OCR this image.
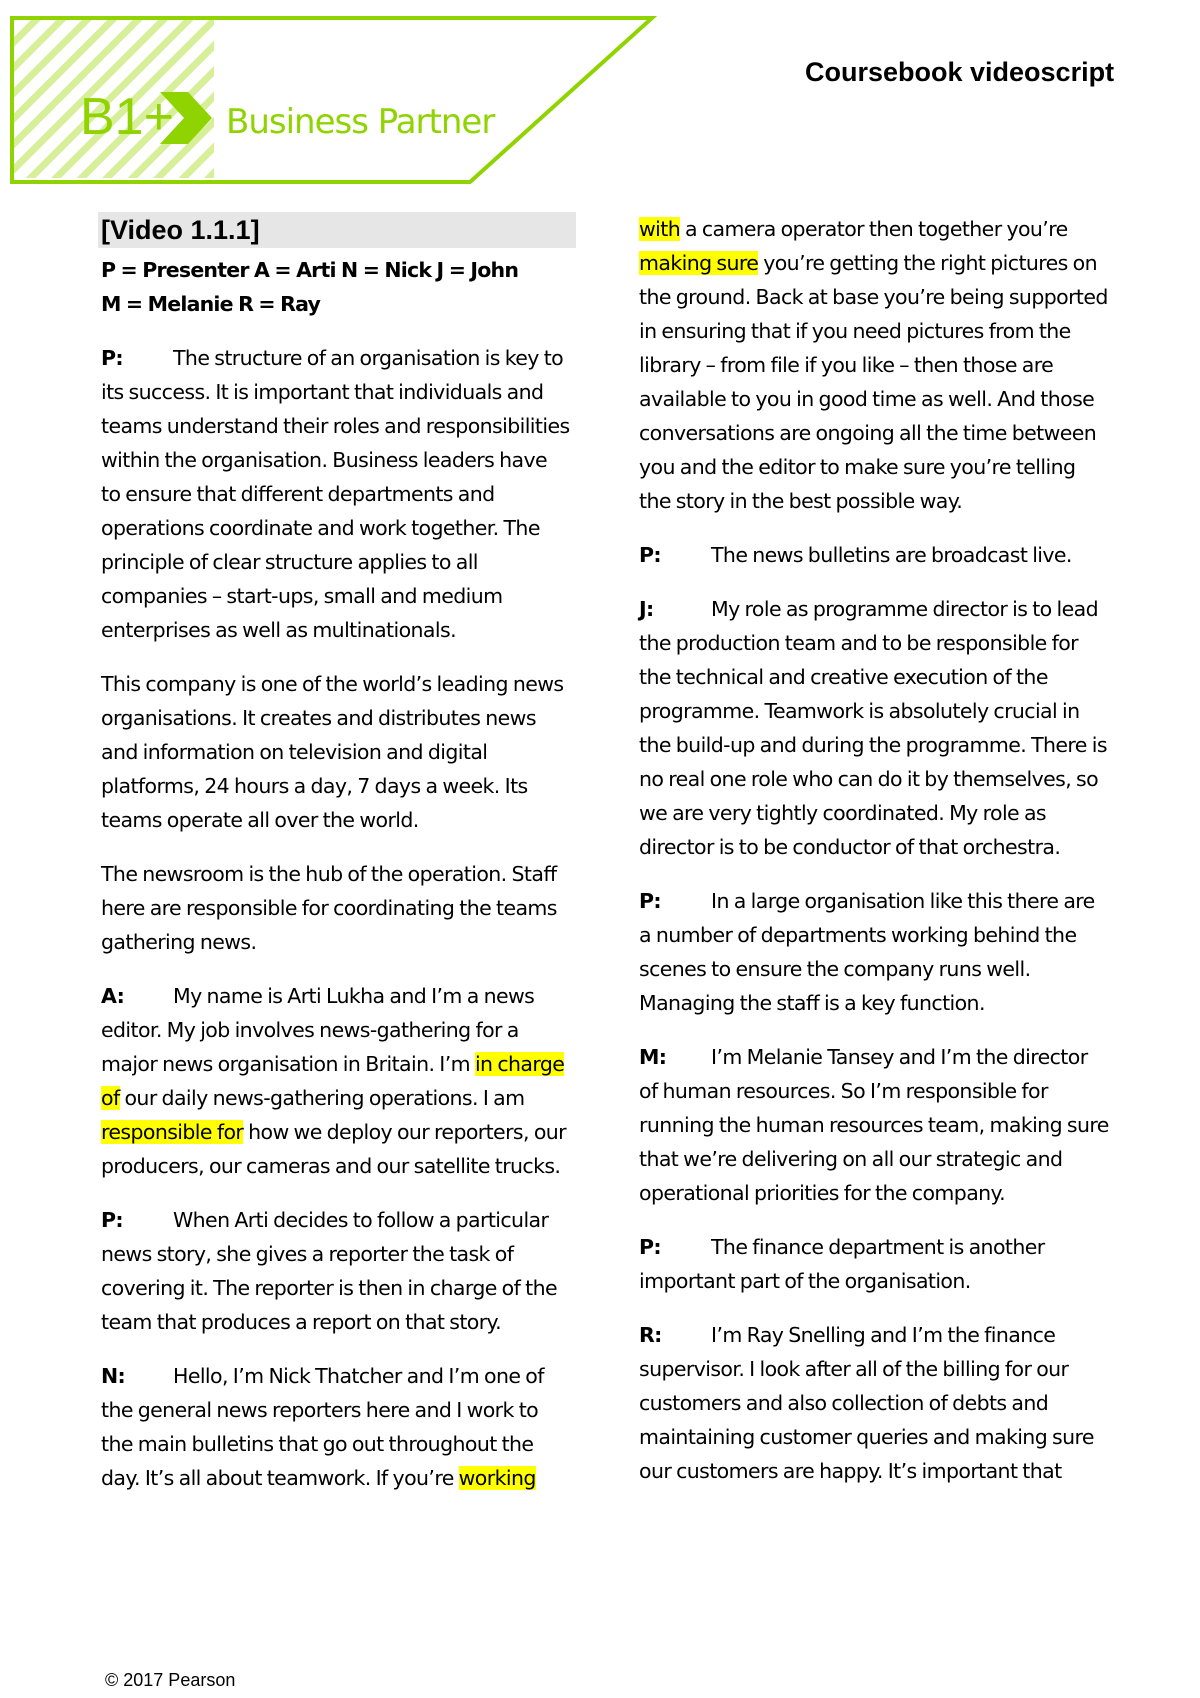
B1+ Business Partner
Coursebook videoscript
[Video 1.1.1]

P = Presenter A = Arti N = Nick J = John

M = Melanie R = Ray

P: The structure of an organisation is key to its success. It is important that individuals and teams understand their roles and responsibilities within the organisation. Business leaders have to ensure that different departments and operations coordinate and work together. The principle of clear structure applies to all companies – start-ups, small and medium enterprises as well as multinationals.

This company is one of the world’s leading news organisations. It creates and distributes news and information on television and digital platforms, 24 hours a day, 7 days a week. Its teams operate all over the world.

The newsroom is the hub of the operation. Staff here are responsible for coordinating the teams gathering news.

A: My name is Arti Lukha and I’m a news editor. My job involves news-gathering for a major news organisation in Britain. I’m in charge of our daily news-gathering operations. I am responsible for how we deploy our reporters, our producers, our cameras and our satellite trucks.

P: When Arti decides to follow a particular news story, she gives a reporter the task of covering it. The reporter is then in charge of the team that produces a report on that story.

N: Hello, I’m Nick Thatcher and I’m one of the general news reporters here and I work to the main bulletins that go out throughout the day. It’s all about teamwork. If you’re working

with a camera operator then together you’re making sure you’re getting the right pictures on the ground. Back at base you’re being supported in ensuring that if you need pictures from the library – from file if you like – then those are available to you in good time as well. And those conversations are ongoing all the time between you and the editor to make sure you’re telling the story in the best possible way.

P: The news bulletins are broadcast live.

J:	My role as programme director is to lead the production team and to be responsible for the technical and creative execution of the programme. Teamwork is absolutely crucial in the build-up and during the programme. There is no real one role who can do it by themselves, so we are very tightly coordinated. My role as director is to be conductor of that orchestra.

P: In a large organisation like this there are a number of departments working behind the scenes to ensure the company runs well. Managing the staff is a key function.

M: I’m Melanie Tansey and I’m the director of human resources. So I’m responsible for running the human resources team, making sure that we’re delivering on all our strategic and operational priorities for the company.

P: The finance department is another important part of the organisation.

R: I’m Ray Snelling and I’m the finance supervisor. I look after all of the billing for our customers and also collection of debts and maintaining customer queries and making sure our customers are happy. It’s important that

© 2017 Pearson
